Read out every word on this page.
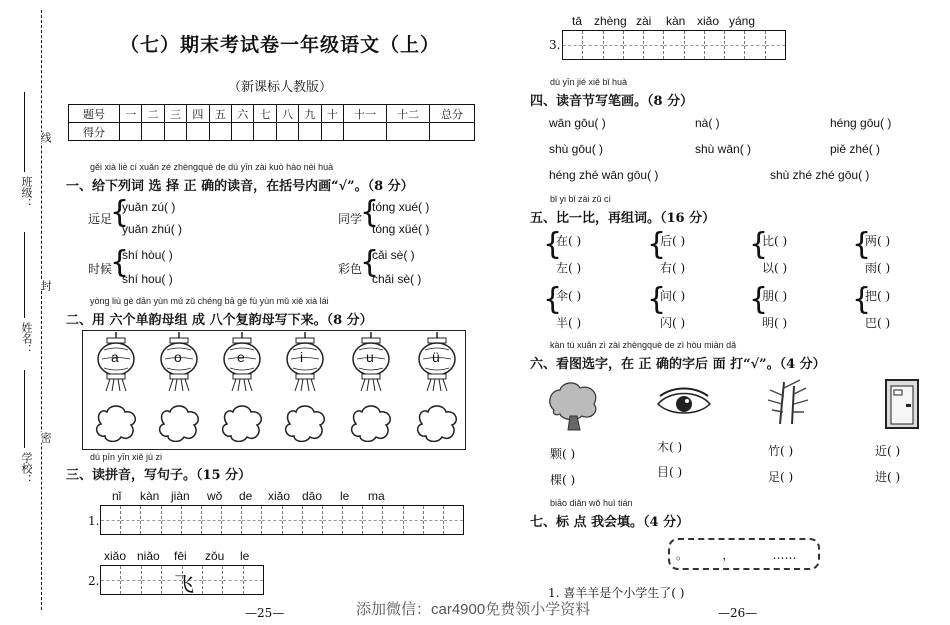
班级：
姓名：
学校：
线
封
密
（七）期末考试卷一年级语文（上）
（新课标人教版）
题号	一	二	三	四	五	六	七	八	九	十	十一	十二	总分
得分													
gěi xià liè cí xuǎn zé zhèngquè de dú yīn zài kuò hào nèi huà
一、给下列词 选 择 正 确的读音，在括号内画“√”。（8 分）
远足
{
yuǎn zú( )
yuǎn zhú( )
同学
{
tóng xué( )
tóng xüé( )
时候
{
shí hòu( )
shí hou( )
彩色
{
cǎi sè( )
chǎi sè( )
yòng liù gè dān yùn mǔ zǔ chéng bā gè fù yùn mǔ xiě xià lái
二、用 六个单韵母组 成 八个复韵母写下来。（8 分）
a	o	e	i	u	ü
dú pīn yīn xiě jù zi
三、读拼音，写句子。（15 分）
nǐ kàn jiàn wǒ de xiǎo dāo le ma
1.
xiǎo niǎo fēi zǒu le
2.	飞
tā zhèng zài kàn xiǎo yáng
3.
dú yīn jié xiě bǐ huà
四、读音节写笔画。（8 分）
wān gōu( )	nà( )	héng gōu( )
shù gōu( )	shù wān( )	piě zhé( )
héng zhé wān gōu( )	shù zhé zhé gōu( )
bǐ yi bǐ zài zǔ cí
五、比一比，再组词。（16 分）
{
在( )
左( )
{
后( )
右( )
{
比( )
以( )
{
两( )
雨( )
{
伞( )
半( )
{
问( )
闪( )
{
朋( )
明( )
{
把( )
巴( )
kàn tú xuǎn zì zài zhèngquè de zì hòu miàn dǎ
六、看图选字，在 正 确的字后 面 打“√”。（4 分）
颗( )
棵( )
木( )
目( )
竹( )
足( )
近( )
进( )
biāo diǎn wǒ huì tián
七、标 点 我会填。（4 分）
。         ，          ……
1. 喜羊羊是个小学生了( )
—25—	—26—
添加微信：car4900免费领小学资料
